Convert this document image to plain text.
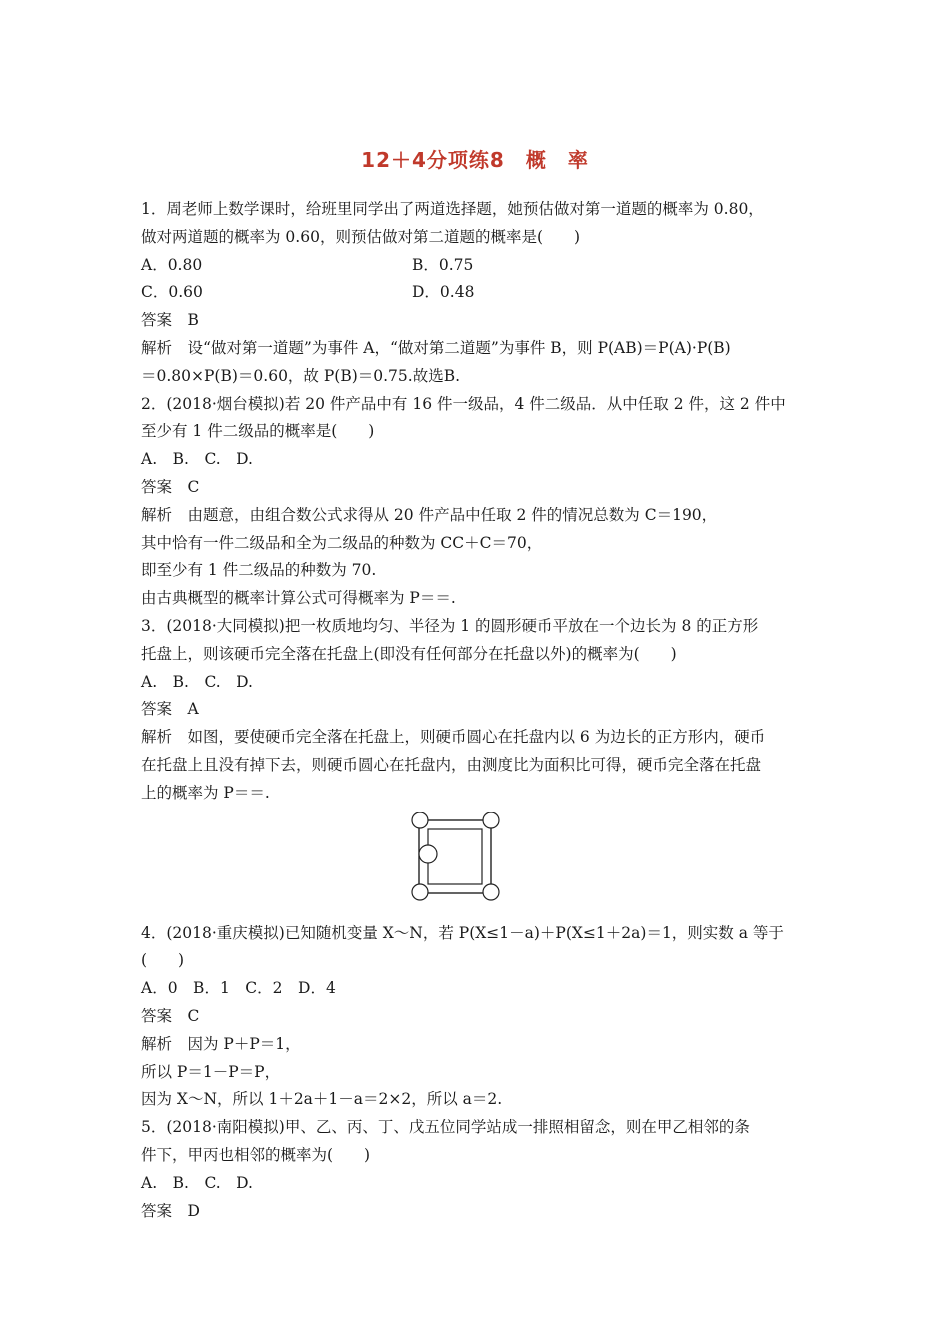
12＋4分项练8　概　率
1．周老师上数学课时，给班里同学出了两道选择题，她预估做对第一道题的概率为 0.80，
做对两道题的概率为 0.60，则预估做对第二道题的概率是(　　)
A．0.80	B．0.75
C．0.60	D．0.48
答案　B
解析　设“做对第一道题”为事件 A，“做对第二道题”为事件 B，则 P(AB)＝P(A)·P(B)
＝0.80×P(B)＝0.60，故 P(B)＝0.75.故选B.
2．(2018·烟台模拟)若 20 件产品中有 16 件一级品，4 件二级品．从中任取 2 件，这 2 件中
至少有 1 件二级品的概率是(　　)
A.　B.　C.　D.
答案　C
解析　由题意，由组合数公式求得从 20 件产品中任取 2 件的情况总数为 C＝190，
其中恰有一件二级品和全为二级品的种数为 CC＋C＝70，
即至少有 1 件二级品的种数为 70.
由古典概型的概率计算公式可得概率为 P＝＝.
3．(2018·大同模拟)把一枚质地均匀、半径为 1 的圆形硬币平放在一个边长为 8 的正方形
托盘上，则该硬币完全落在托盘上(即没有任何部分在托盘以外)的概率为(　　)
A.　B.　C.　D.
答案　A
解析　如图，要使硬币完全落在托盘上，则硬币圆心在托盘内以 6 为边长的正方形内，硬币
在托盘上且没有掉下去，则硬币圆心在托盘内，由测度比为面积比可得，硬币完全落在托盘
上的概率为 P＝＝.
4．(2018·重庆模拟)已知随机变量 X～N，若 P(X≤1－a)＋P(X≤1＋2a)＝1，则实数 a 等于
(　　)
A．0　B．1　C．2　D．4
答案　C
解析　因为 P＋P＝1，
所以 P＝1－P＝P，
因为 X～N，所以 1＋2a＋1－a＝2×2，所以 a＝2.
5．(2018·南阳模拟)甲、乙、丙、丁、戊五位同学站成一排照相留念，则在甲乙相邻的条
件下，甲丙也相邻的概率为(　　)
A.　B.　C.　D.
答案　D
